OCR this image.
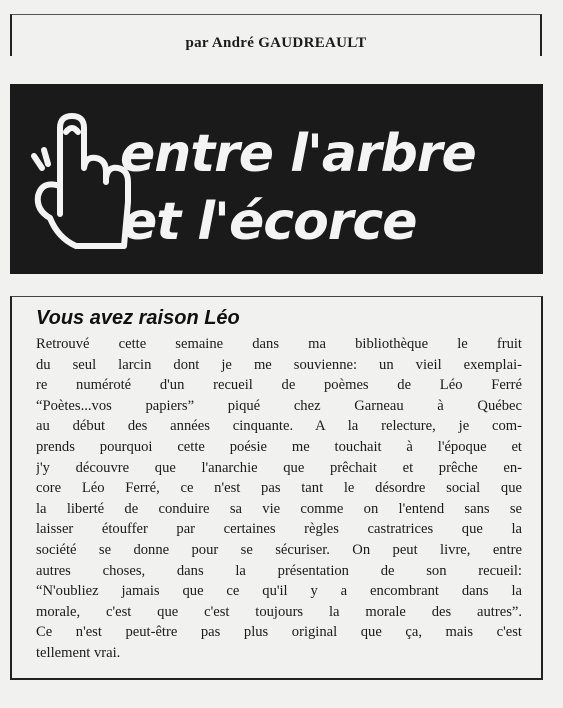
par André GAUDREAULT
entre l'arbre
et l'écorce
Vous avez raison Léo
Retrouvé cette semaine dans ma bibliothèque le fruit
du seul larcin dont je me souvienne: un vieil exemplai-
re numéroté d'un recueil de poèmes de Léo Ferré
“Poètes...vos papiers” piqué chez Garneau à Québec
au début des années cinquante. A la relecture, je com-
prends pourquoi cette poésie me touchait à l'époque et
j'y découvre que l'anarchie que prêchait et prêche en-
core Léo Ferré, ce n'est pas tant le désordre social que
la liberté de conduire sa vie comme on l'entend sans se
laisser étouffer par certaines règles castratrices que la
société se donne pour se sécuriser. On peut livre, entre
autres choses, dans la présentation de son recueil:
“N'oubliez jamais que ce qu'il y a encombrant dans la
morale, c'est que c'est toujours la morale des autres”.
Ce n'est peut-être pas plus original que ça, mais c'est
tellement vrai.
